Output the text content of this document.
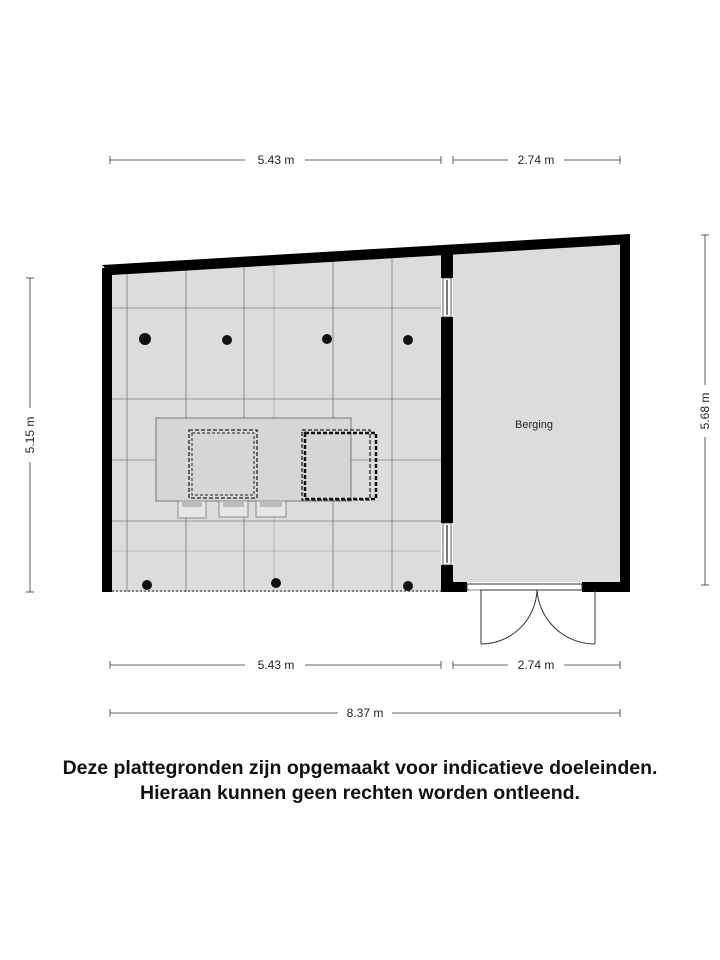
Berging
5.43 m	2.74 m
5.43 m	2.74 m
8.37 m
5.15 m
5.68 m
Deze plattegronden zijn opgemaakt voor indicatieve doeleinden.
Hieraan kunnen geen rechten worden ontleend.
